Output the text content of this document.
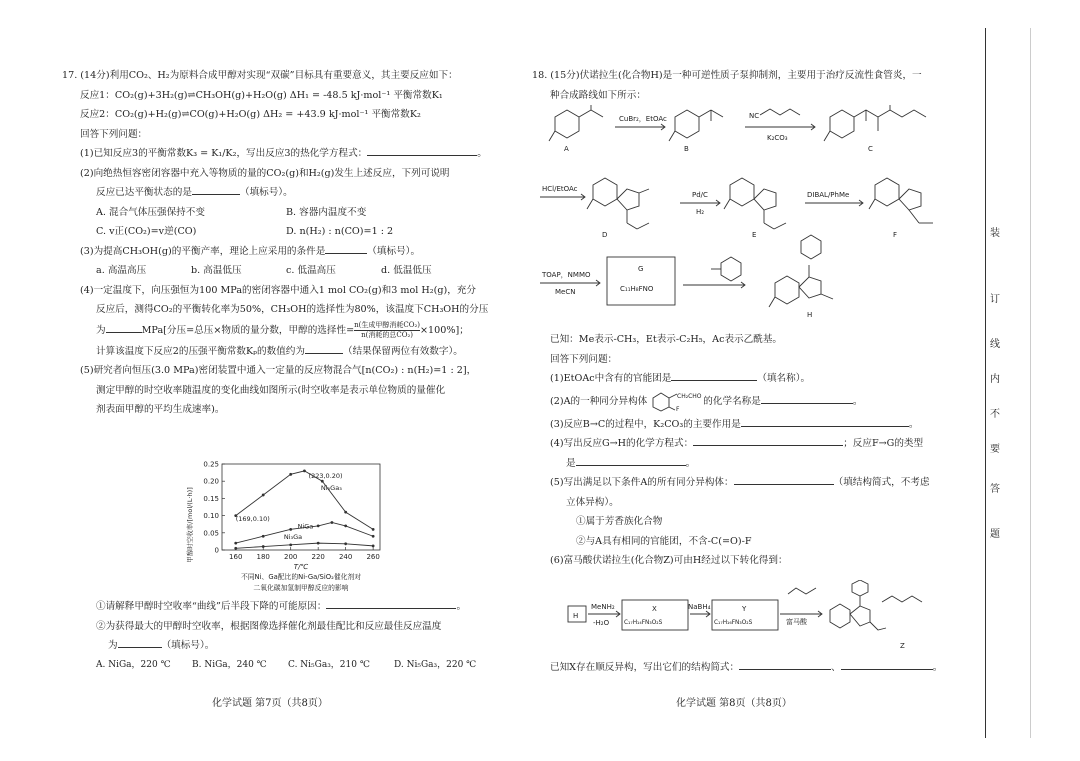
17. (14分)利用CO₂、H₂为原料合成甲醇对实现“双碳”目标具有重要意义，其主要反应如下：

反应1：CO₂(g)+3H₂(g)⇌CH₃OH(g)+H₂O(g) ΔH₁ = -48.5 kJ·mol⁻¹ 平衡常数K₁

反应2：CO₂(g)+H₂(g)⇌CO(g)+H₂O(g) ΔH₂ = +43.9 kJ·mol⁻¹ 平衡常数K₂

回答下列问题：

(1)已知反应3的平衡常数K₃ = K₁/K₂，写出反应3的热化学方程式：	。

(2)向绝热恒容密闭容器中充入等物质的量的CO₂(g)和H₂(g)发生上述反应，下列可说明

反应已达平衡状态的是	（填标号）。

A. 混合气体压强保持不变	B. 容器内温度不变

C. v正(CO₂)=v逆(CO)	D. n(H₂) : n(CO)=1 : 2

(3)为提高CH₃OH(g)的平衡产率，理论上应采用的条件是	（填标号）。

a. 高温高压	b. 高温低压	c. 低温高压	d. 低温低压

(4)一定温度下，向压强恒为100 MPa的密闭容器中通入1 mol CO₂(g)和3 mol H₂(g)，充分

反应后，测得CO₂的平衡转化率为50%，CH₃OH的选择性为80%，该温度下CH₃OH的分压

为	MPa[分压=总压×物质的量分数，甲醇的选择性= n(生成甲醇消耗CO₂)
n(消耗的总CO₂) ×100%]；

计算该温度下反应2的压强平衡常数Kₚ的数值约为	（结果保留两位有效数字）。

(5)研究者向恒压(3.0 MPa)密闭装置中通入一定量的反应物混合气[n(CO₂) : n(H₂)=1 : 2]，

测定甲醇的时空收率随温度的变化曲线如图所示(时空收率是表示单位物质的量催化

剂表面甲醇的平均生成速率)。

0
0.05
0.10
0.15
0.20
0.25
160 180 200 220 240 260
T/℃
甲醇时空收率/[mol/(L·h)]
不同Ni、Ga配比的Ni-Ga/SiO₂催化剂对
二氧化碳加氢制甲醇反应的影响
Ni₅Ga₃
NiGa
Ni₃Ga
(223,0.20)
(169,0.10)

①请解释甲醇时空收率“曲线”后半段下降的可能原因：	。

②为获得最大的甲醇时空收率，根据图像选择催化剂最佳配比和反应最佳反应温度

为	（填标号）。

A. NiGa，220 ℃	B. NiGa，240 ℃	C. Ni₅Ga₃，210 ℃	D. Ni₅Ga₃，220 ℃

18. (15分)伏诺拉生(化合物H)是一种可逆性质子泵抑制剂，主要用于治疗反流性食管炎，一

种合成路线如下所示：

A	B	C
D	E	F
H
CuBr₂，EtOAc	NC
K₂CO₃
HCl/EtOAc
Pd/C
H₂
DIBAL/PhMe
TOAP，NMMO
MeCN
G
C₁₁H₈FNO

已知：Me表示-CH₃，Et表示-C₂H₅，Ac表示乙酰基。

回答下列问题：

(1)EtOAc中含有的官能团是	（填名称）。

(2)A的一种同分异构体	CH₂CHO
F
的化学名称是	。

(3)反应B→C的过程中，K₂CO₃的主要作用是	。

(4)写出反应G→H的化学方程式：	；反应F→G的类型

是	。

(5)写出满足以下条件A的所有同分异构体：	（填结构简式，不考虑

立体异构）。

①属于芳香族化合物

②与A具有相同的官能团，不含-C(=O)-F

(6)富马酸伏诺拉生(化合物Z)可由H经过以下转化得到：

H
MeNH₂
-H₂O
X
C₁₇H₁₄FN₃O₂S
NaBH₄	Y
C₁₇H₁₆FN₃O₂S	富马酸
Z

已知X存在顺反异构，写出它们的结构简式：	、	。

化学试题 第7页（共8页）	化学试题 第8页（共8页）
装
订
线
内
不
要
答
题
